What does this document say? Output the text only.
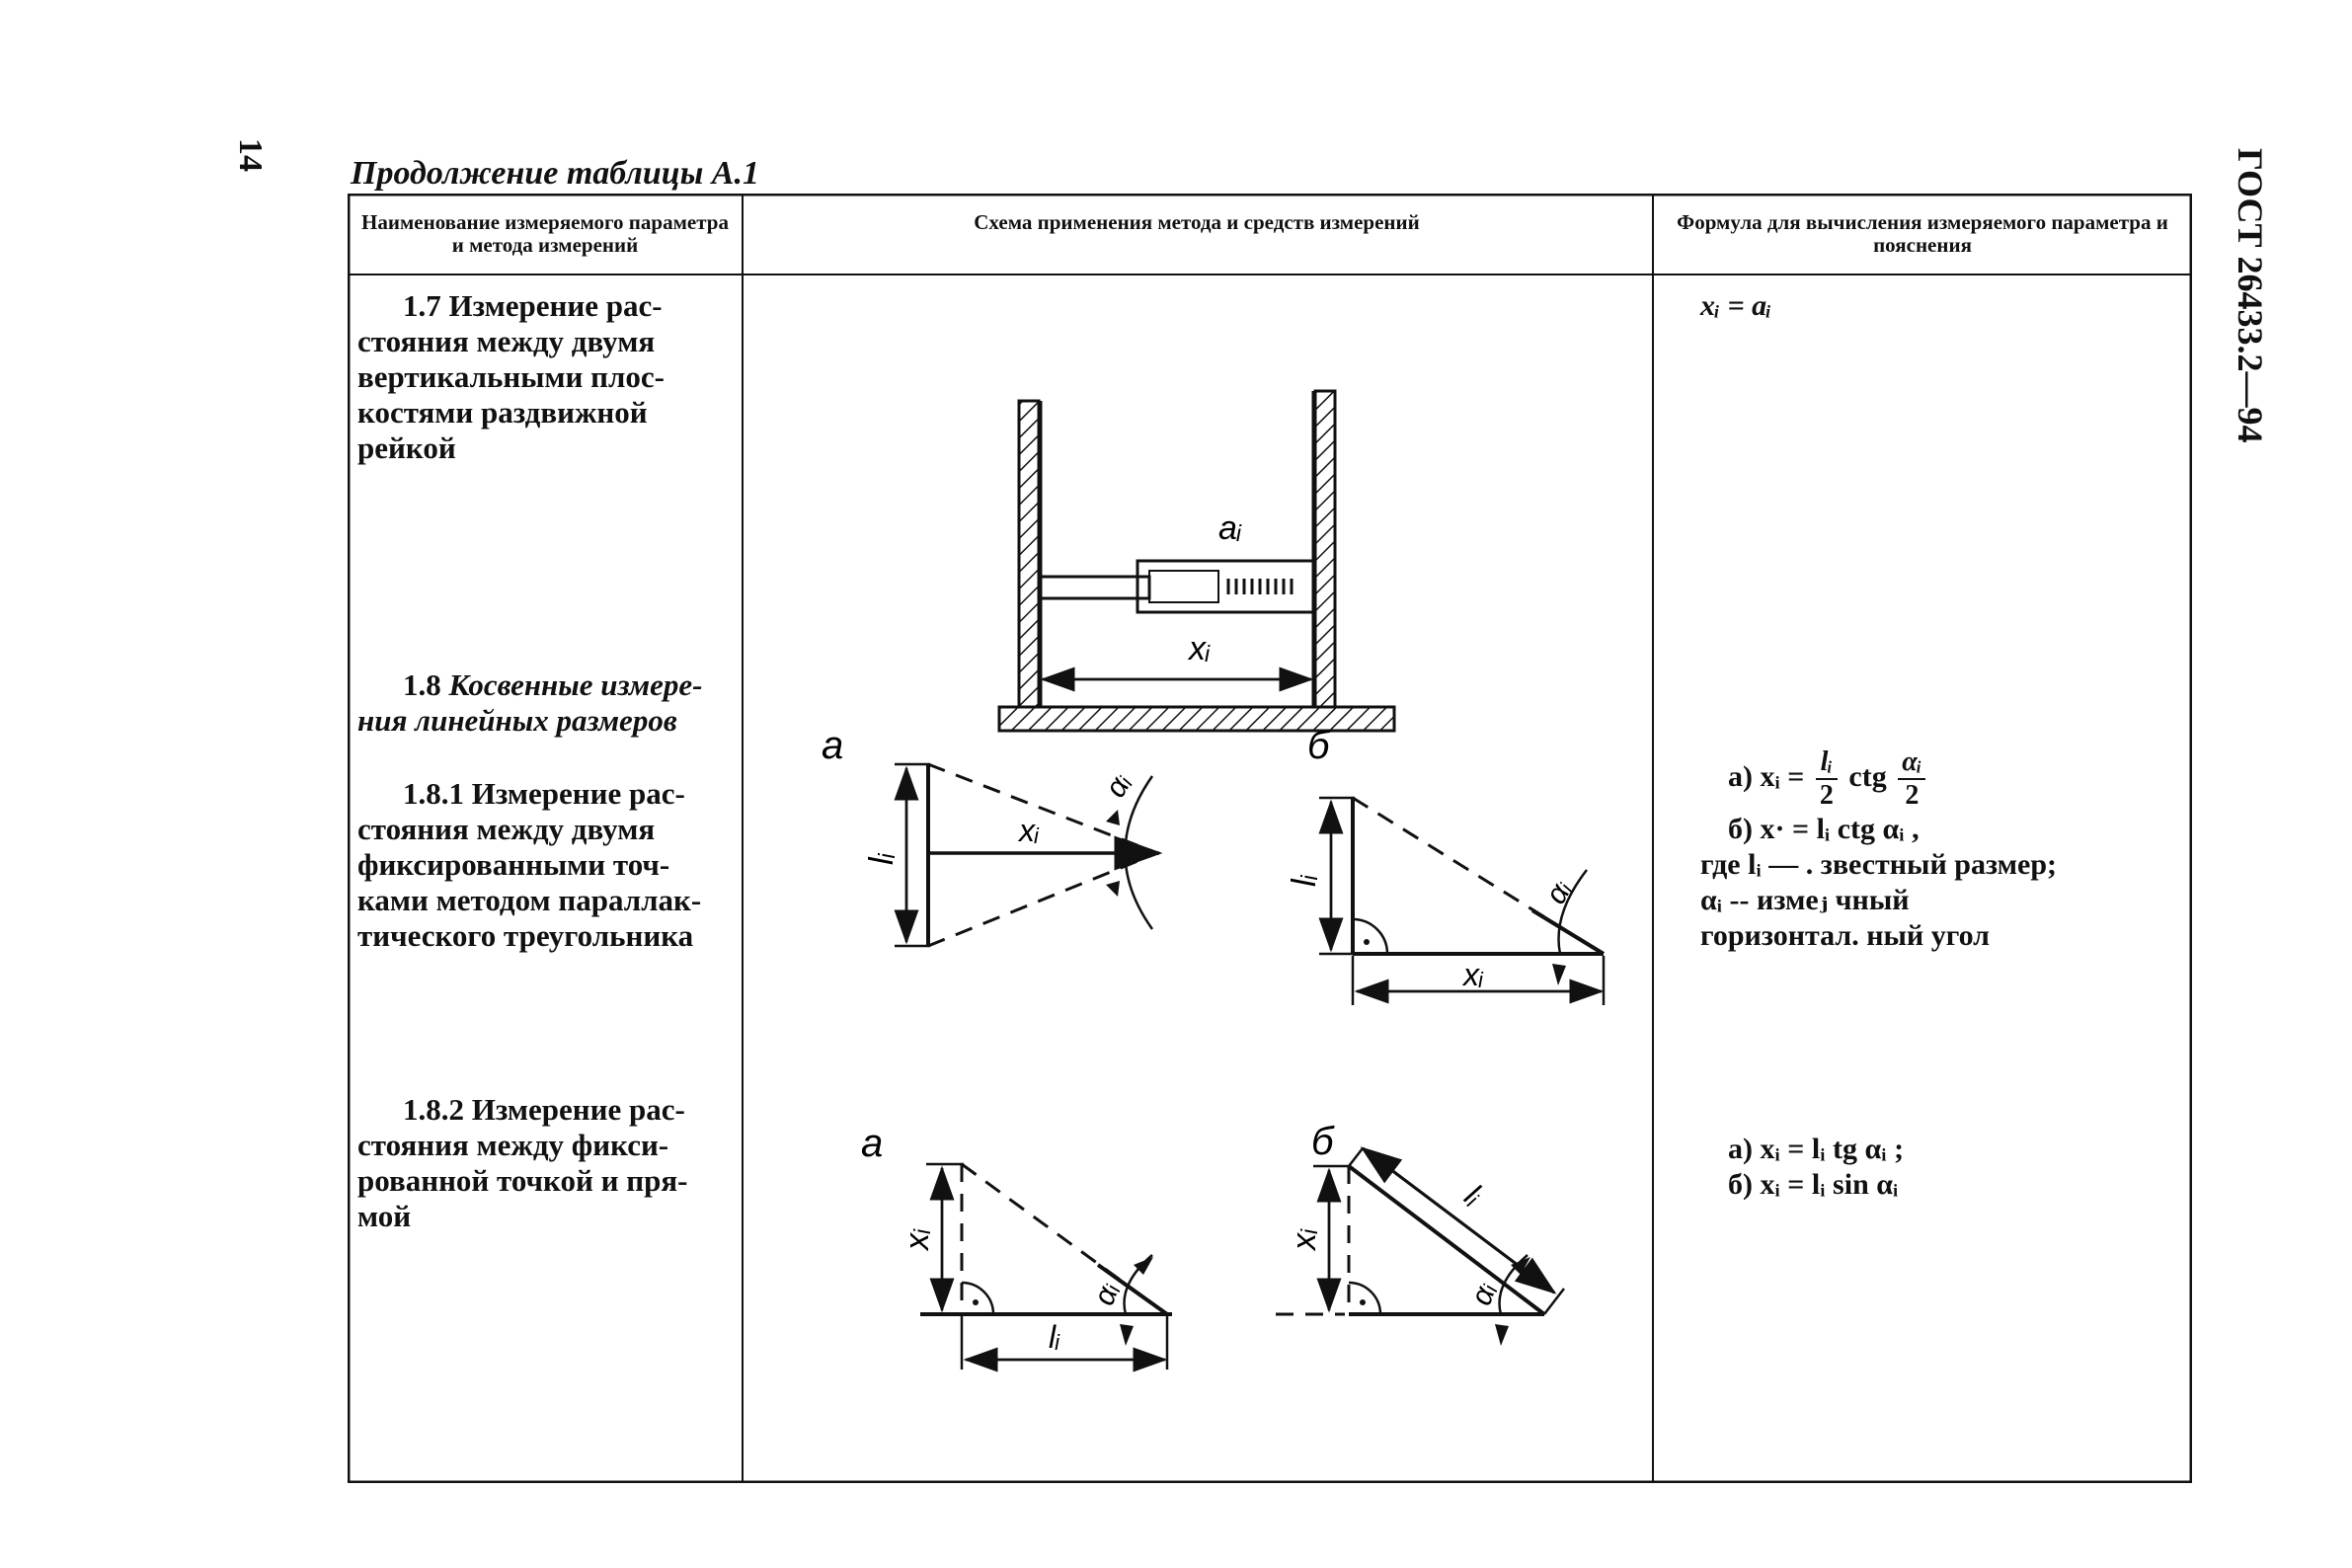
14	ГОСТ 26433.2—94
Продолжение таблицы А.1
Наименование измеряемого параметра и метода измерений
Схема применения метода и средств измерений	Формула для вычисления измеряемого параметра и пояснения
1.7 Измерение рас-
стояния между двумя
вертикальными плос-
костями раздвижной
рейкой
xᵢ = aᵢ
aᵢ
xᵢ
1.8 Косвенные измере-
ния линейных размеров
1.8.1 Измерение рас-
стояния между двумя
фиксированными точ-
ками методом параллак-
тического треугольника
а) xᵢ = $\frac{\text{lᵢ}}{2}$ ctg $\frac{\text{αᵢ}}{2}$
б) x· = lᵢ ctg αᵢ ,
где lᵢ — . звестный размер;
αᵢ -- измеⱼ чный
горизонтал. ный угол
а
lᵢ
xᵢ
αᵢ
б
lᵢ
xᵢ
αᵢ
1.8.2 Измерение рас-
стояния между фикси-
рованной точкой и пря-
мой
а) xᵢ = lᵢ tg αᵢ ;
б) xᵢ = lᵢ sin αᵢ
а
xᵢ
lᵢ
αᵢ
б
xᵢ
lᵢ
αᵢ
